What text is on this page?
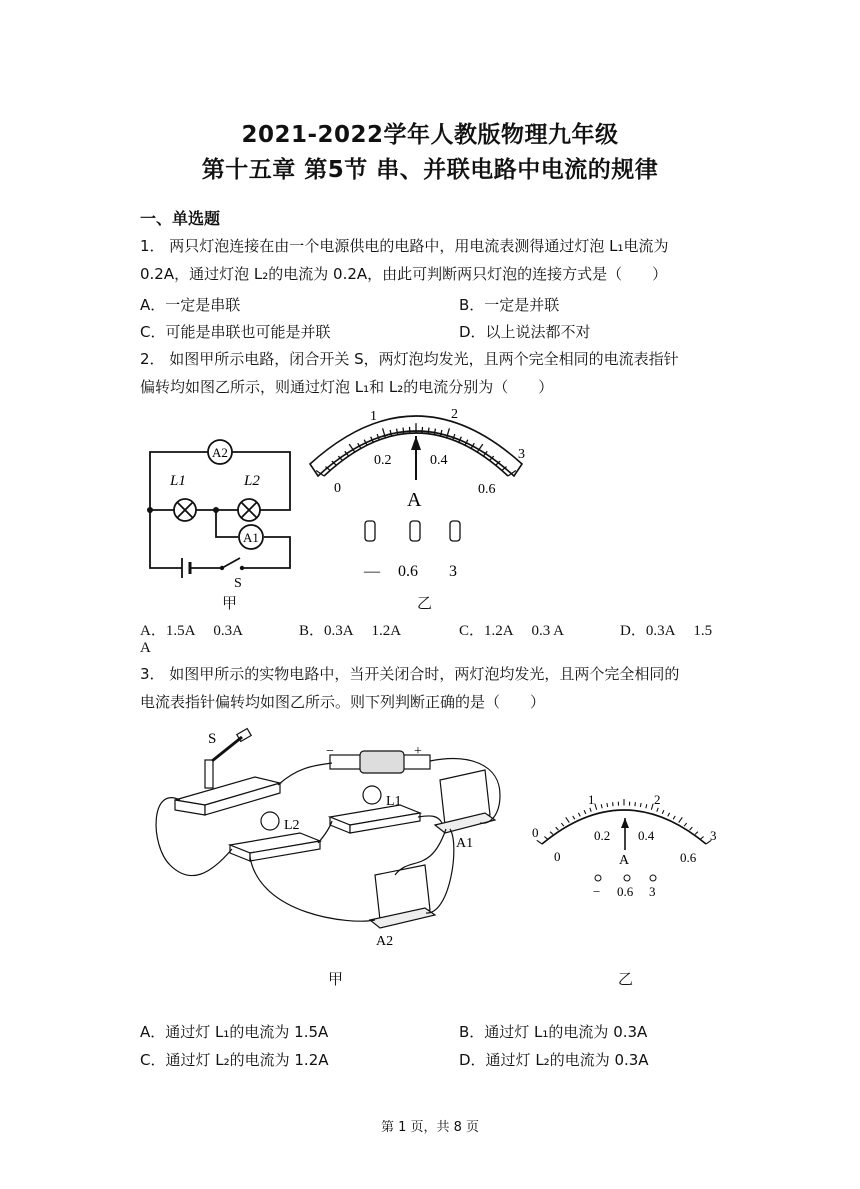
2021-2022学年人教版物理九年级
第十五章 第5节 串、并联电路中电流的规律
一、单选题
1． 两只灯泡连接在由一个电源供电的电路中，用电流表测得通过灯泡 L₁电流为
0.2A，通过灯泡 L₂的电流为 0.2A，由此可判断两只灯泡的连接方式是（　　）
A．一定是串联	B．一定是并联
C．可能是串联也可能是并联	D．以上说法都不对
2． 如图甲所示电路，闭合开关 S，两灯泡均发光，且两个完全相同的电流表指针
偏转均如图乙所示，则通过灯泡 L₁和 L₂的电流分别为（　　）
A2
A1
L1	L2
S
甲
1	2
3
0
0.2	0.4
0.6
A
— 0.6 3
乙
A．1.5A　 0.3A	B．0.3A　 1.2A	C．1.2A　 0.3 A	D．0.3A　 1.5
A
3． 如图甲所示的实物电路中，当开关闭合时，两灯泡均发光，且两个完全相同的
电流表指针偏转均如图乙所示。则下列判断正确的是（　　）
S
−	+
L1
L2
A1
A2
甲
1	2
3
0
0
0.2 0.4
0.6
A
− 0.6 3
乙
A．通过灯 L₁的电流为 1.5A	B．通过灯 L₁的电流为 0.3A
C．通过灯 L₂的电流为 1.2A	D．通过灯 L₂的电流为 0.3A
第 1 页，共 8 页
